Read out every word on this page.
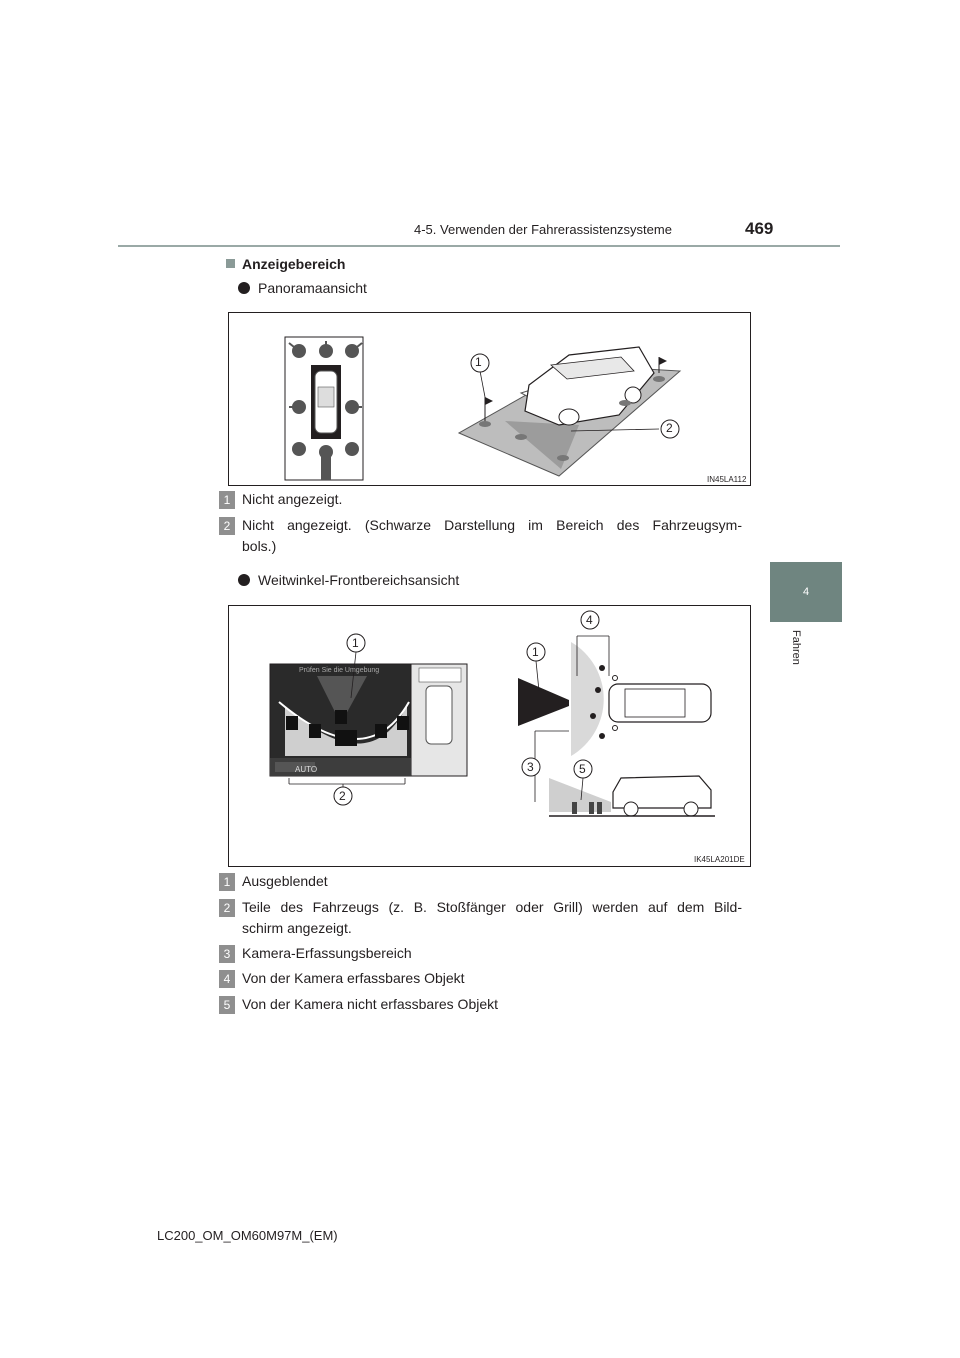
4-5. Verwenden der Fahrerassistenzsysteme	469
4
Fahren
Anzeigebereich
Panoramaansicht
1
2
IN45LA112
1 Nicht angezeigt.
2 Nicht angezeigt. (Schwarze Darstellung im Bereich des Fahrzeugsym-
bols.)
Weitwinkel-Frontbereichsansicht
Prüfen Sie die Umgebung
AUTO
1
2
1
3
4
5
IK45LA201DE
1 Ausgeblendet
2 Teile des Fahrzeugs (z. B. Stoßfänger oder Grill) werden auf dem Bild-
schirm angezeigt.
3 Kamera-Erfassungsbereich
4 Von der Kamera erfassbares Objekt
5 Von der Kamera nicht erfassbares Objekt
LC200_OM_OM60M97M_(EM)
